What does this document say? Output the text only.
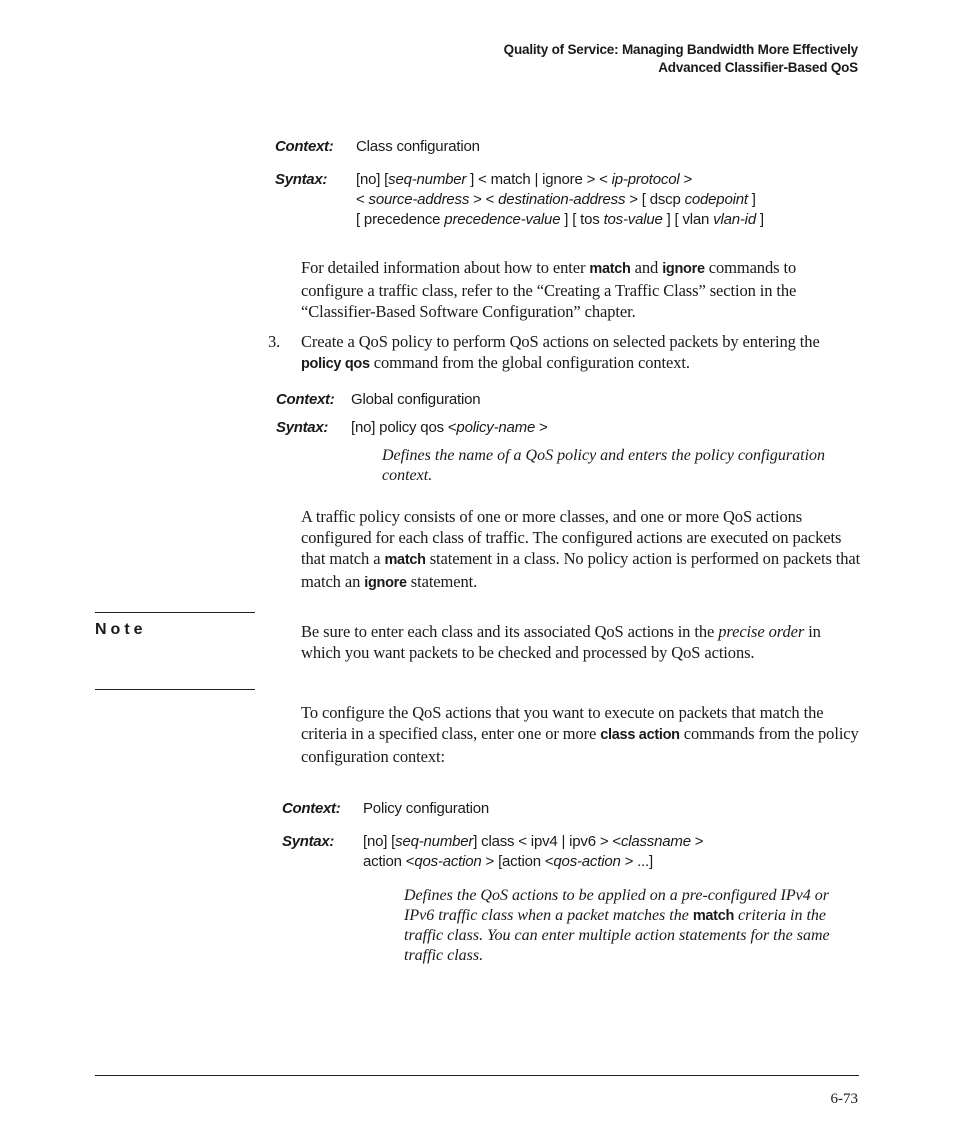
Quality of Service: Managing Bandwidth More Effectively
Advanced Classifier-Based QoS
Context: Class configuration
Syntax: [no] [seq-number ] < match | ignore > < ip-protocol >
< source-address > < destination-address > [ dscp codepoint ]
[ precedence precedence-value ] [ tos tos-value ] [ vlan vlan-id ]
For detailed information about how to enter match and ignore commands to configure a traffic class, refer to the “Creating a Traffic Class” section in the “Classifier-Based Software Configuration” chapter.
3. Create a QoS policy to perform QoS actions on selected packets by entering the policy qos command from the global configuration context.
Context: Global configuration
Syntax: [no] policy qos <policy-name >
Defines the name of a QoS policy and enters the policy configuration context.
A traffic policy consists of one or more classes, and one or more QoS actions configured for each class of traffic. The configured actions are executed on packets that match a match statement in a class. No policy action is performed on packets that match an ignore statement.
Note	Be sure to enter each class and its associated QoS actions in the precise order in which you want packets to be checked and processed by QoS actions.
To configure the QoS actions that you want to execute on packets that match the criteria in a specified class, enter one or more class action commands from the policy configuration context:
Context: Policy configuration
Syntax: [no] [seq-number] class < ipv4 | ipv6 > <classname >
action <qos-action > [action <qos-action > ...]
Defines the QoS actions to be applied on a pre-configured IPv4 or IPv6 traffic class when a packet matches the match criteria in the traffic class. You can enter multiple action statements for the same traffic class.
6-73
